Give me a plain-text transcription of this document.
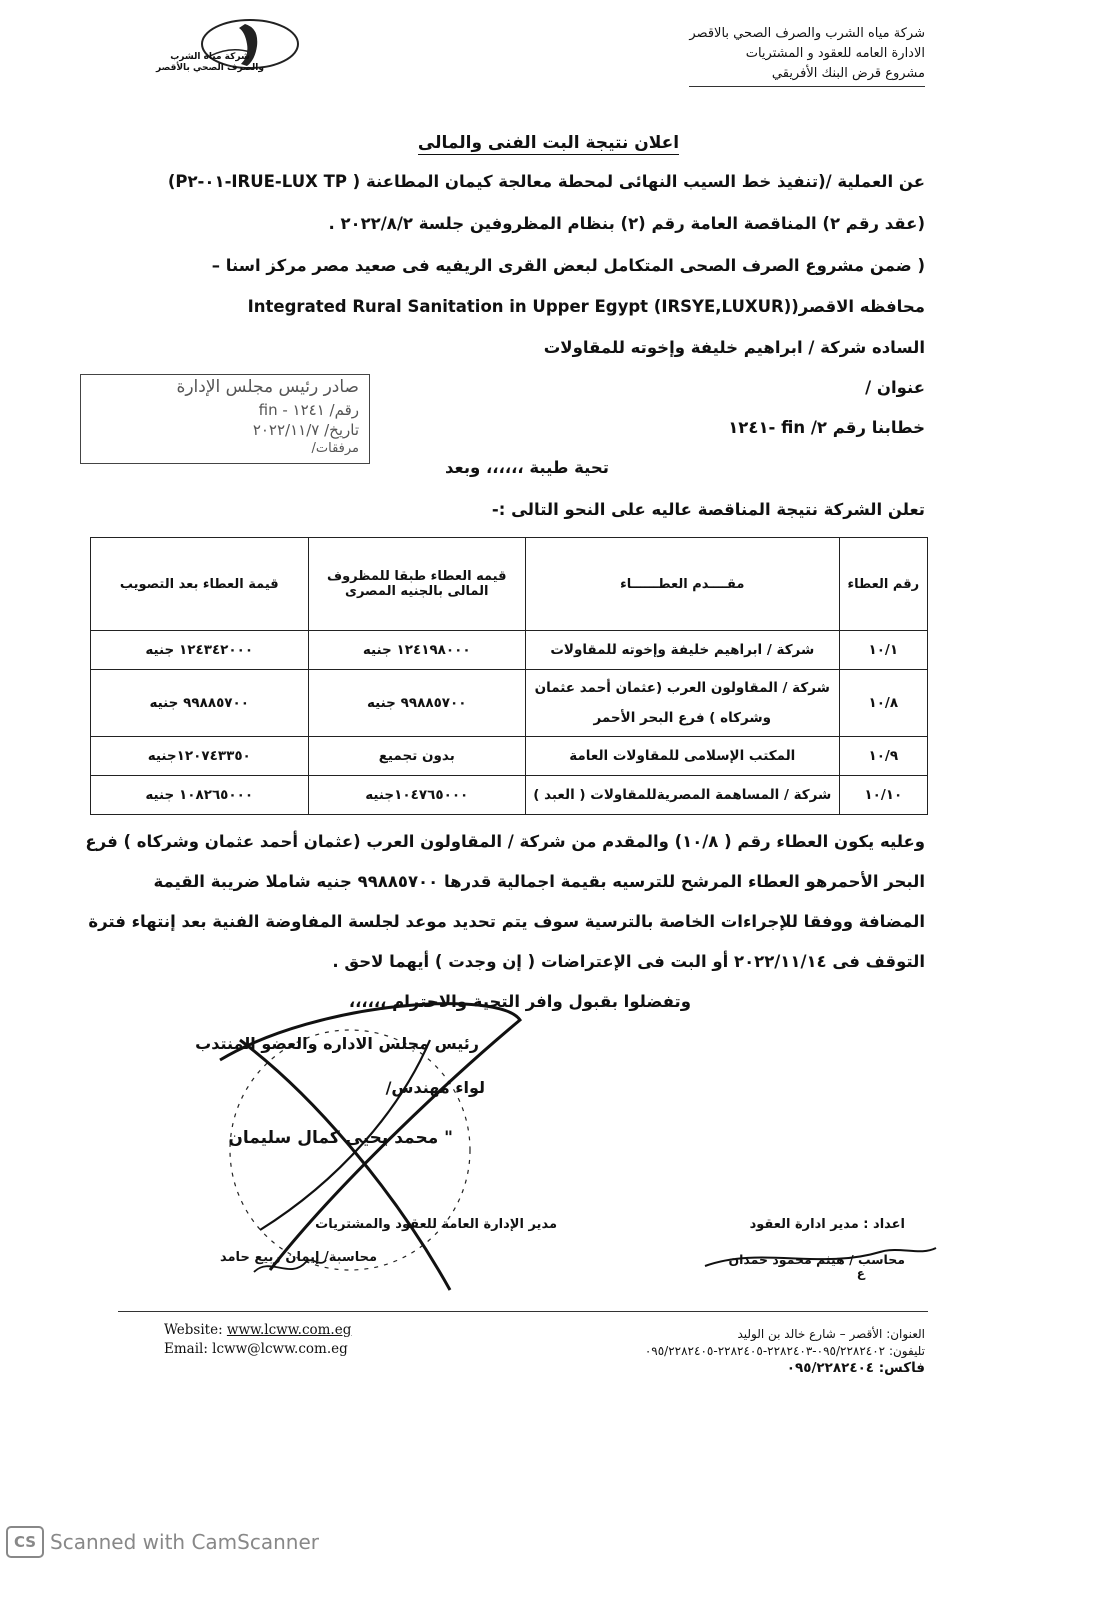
شركة مياه الشرب والصرف الصحي بالاقصر
الادارة العامه للعقود و المشتريات
مشروع قرض البنك الأفريقي
شركة مياه الشرب
والصرف الصحي بالأقصر
اعلان نتيجة البت الفنى والمالى
عن العملية /(تنفيذ خط السيب النهائى لمحطة معالجة كيمان المطاعنة ( IRUE-LUX TP-٠١-P٢)
(عقد رقم ٢) المناقصة العامة رقم (٢) بنظام المظروفين جلسة ٢٠٢٢/٨/٢ .
( ضمن مشروع الصرف الصحى المتكامل لبعض القرى الريفيه فى صعيد مصر مركز اسنا –
محافظه الاقصر(Integrated Rural Sanitation in Upper Egypt (IRSYE,LUXUR)
الساده شركة / ابراهيم خليفة وإخوته للمقاولات
عنوان /
خطابنا رقم ٢/ fin -١٢٤١
صادر رئيس مجلس الإدارة
رقم/ ١٢٤١ - fin
تاريخ/ ٢٠٢٢/١١/٧
مرفقات/
تحية طيبة ،،،،،، وبعد
تعلن الشركة نتيجة المناقصة عاليه على النحو التالى :-
رقم العطاء	مقــــدم العطــــــاء	قيمه العطاء طبقا للمظروف المالى بالجنيه المصرى	قيمة العطاء بعد التصويب
١٠/١	شركة / ابراهيم خليفة وإخوته للمقاولات	١٢٤١٩٨٠٠٠ جنيه	١٢٤٣٤٢٠٠٠ جنيه
١٠/٨	شركة / المقاولون العرب (عثمان أحمد عثمان وشركاه ) فرع البحر الأحمر	٩٩٨٨٥٧٠٠ جنيه	٩٩٨٨٥٧٠٠ جنيه
١٠/٩	المكتب الإسلامى للمقاولات العامة	بدون تجميع	١٢٠٧٤٣٣٥٠جنيه
١٠/١٠	شركة / المساهمة المصريةللمقاولات ( العبد )	١٠٤٧٦٥٠٠٠جنيه	١٠٨٢٦٥٠٠٠ جنيه
وعليه يكون العطاء رقم ( ١٠/٨) والمقدم من شركة / المقاولون العرب (عثمان أحمد عثمان وشركاه ) فرع
البحر الأحمرهو العطاء المرشح للترسيه بقيمة اجمالية قدرها ٩٩٨٨٥٧٠٠ جنيه شاملا ضريبة القيمة
المضافة ووفقا للإجراءات الخاصة بالترسية سوف يتم تحديد موعد لجلسة المفاوضة الفنية بعد إنتهاء فترة
التوقف فى ٢٠٢٢/١١/١٤ أو البت فى الإعتراضات ( إن وجدت ) أيهما لاحق .
وتفضلوا بقبول وافر التحية والاحترام ،،،،،،
رئيس مجلس الاداره والعضو المنتدب
لواء مهندس/
" محمد يحيى كمال سليمان
مدير الإدارة العامة للعقود والمشتريات
محاسبة/ إيمان ربيع حامد
اعداد : مدير ادارة العقود
محاسب / هيثم محمود حمدان
ع
Website: www.lcww.com.eg
Email: lcww@lcww.com.eg
العنوان: الأقصر – شارع خالد بن الوليد
تليفون: ٠٩٥/٢٢٨٢٤٠٢-٢٢٨٢٤٠٣-٢٢٨٢٤٠٥-٠٩٥/٢٢٨٢٤٠٥
فاكس: ٠٩٥/٢٢٨٢٤٠٤
CS Scanned with CamScanner
